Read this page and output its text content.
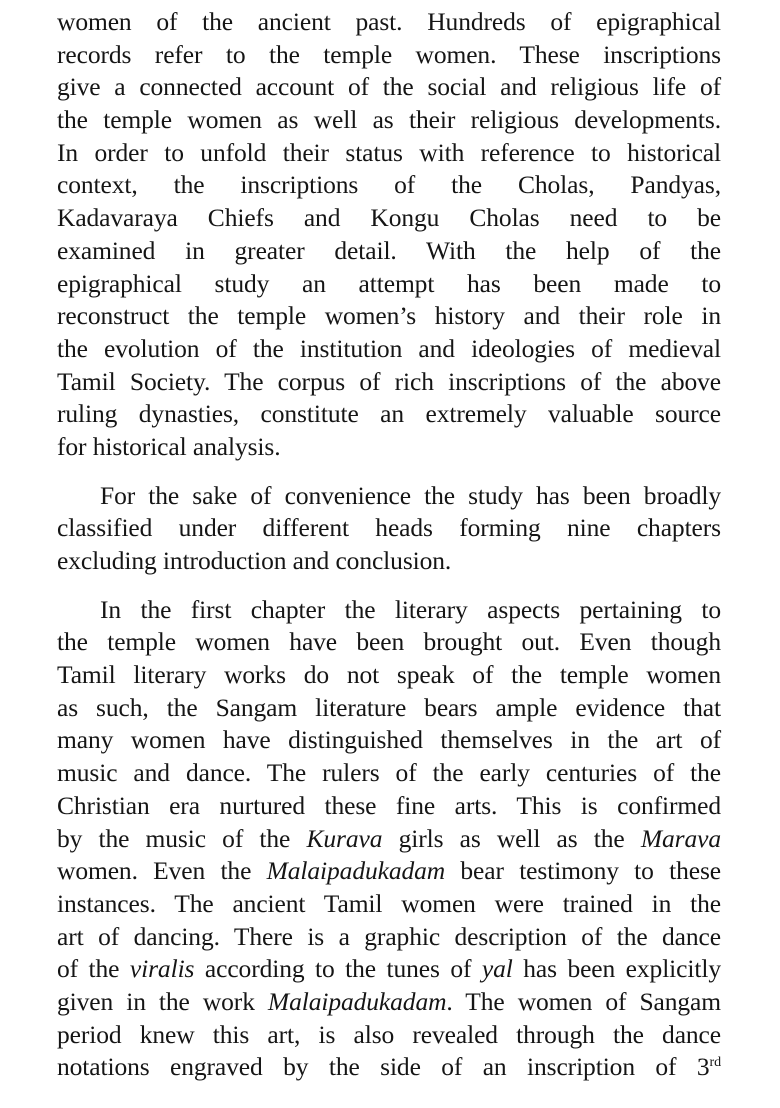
women of the ancient past. Hundreds of epigraphical
records refer to the temple women. These inscriptions
give a connected account of the social and religious life of
the temple women as well as their religious developments.
In order to unfold their status with reference to historical
context, the inscriptions of the Cholas, Pandyas,
Kadavaraya Chiefs and Kongu Cholas need to be
examined in greater detail. With the help of the
epigraphical study an attempt has been made to
reconstruct the temple women’s history and their role in
the evolution of the institution and ideologies of medieval
Tamil Society. The corpus of rich inscriptions of the above
ruling dynasties, constitute an extremely valuable source
for historical analysis.
For the sake of convenience the study has been broadly
classified under different heads forming nine chapters
excluding introduction and conclusion.
In the first chapter the literary aspects pertaining to
the temple women have been brought out. Even though
Tamil literary works do not speak of the temple women
as such, the Sangam literature bears ample evidence that
many women have distinguished themselves in the art of
music and dance. The rulers of the early centuries of the
Christian era nurtured these fine arts. This is confirmed
by the music of the Kurava girls as well as the Marava
women. Even the Malaipadukadam bear testimony to these
instances. The ancient Tamil women were trained in the
art of dancing. There is a graphic description of the dance
of the viralis according to the tunes of yal has been explicitly
given in the work Malaipadukadam. The women of Sangam
period knew this art, is also revealed through the dance
notations engraved by the side of an inscription of 3rd
